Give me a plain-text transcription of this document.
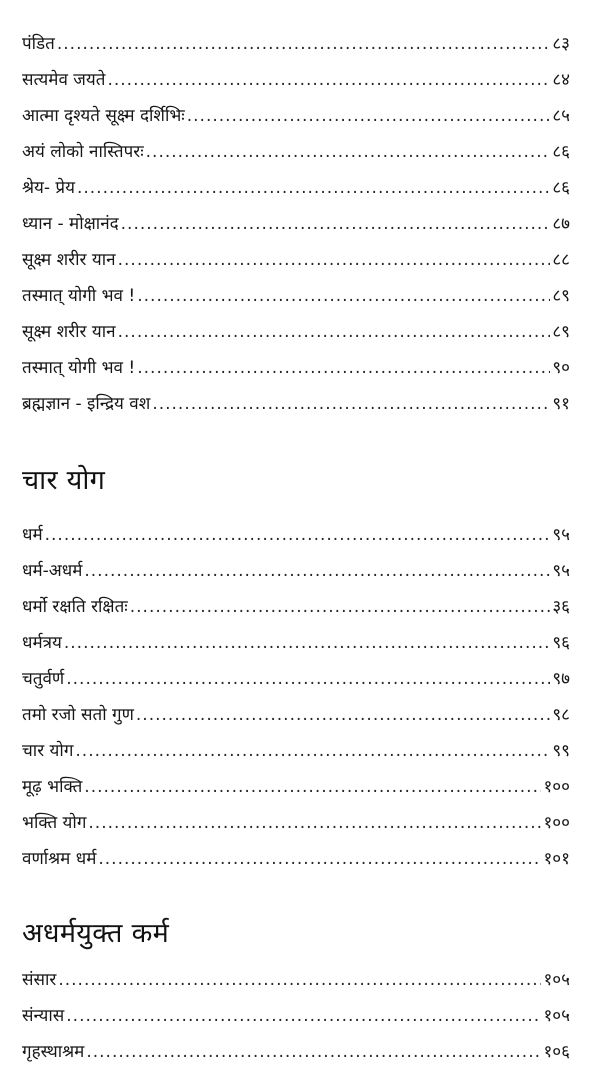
पंडित .....	८३
सत्यमेव जयते .....	८४
आत्मा दृश्यते सूक्ष्म दर्शिभिः .....	८५
अयं लोको नास्तिपरः .....	८६
श्रेय- प्रेय .....	८६
ध्यान - मोक्षानंद .....	८७
सूक्ष्म शरीर यान .....	८८
तस्मात् योगी भव ! .....	८९
सूक्ष्म शरीर यान .....	८९
तस्मात् योगी भव ! .....	९०
ब्रह्मज्ञान - इन्द्रिय वश .....	९१
चार योग
धर्म .....	९५
धर्म-अधर्म .....	९५
धर्मो रक्षति रक्षितः .....	३६
धर्मत्रय .....	९६
चतुर्वर्ण .....	९७
तमो रजो सतो गुण .....	९८
चार योग .....	९९
मूढ़ भक्ति .....	१००
भक्ति योग .....	१००
वर्णाश्रम धर्म .....	१०१
अधर्मयुक्त कर्म
संसार .....	१०५
संन्यास .....	१०५
गृहस्थाश्रम .....	१०६
